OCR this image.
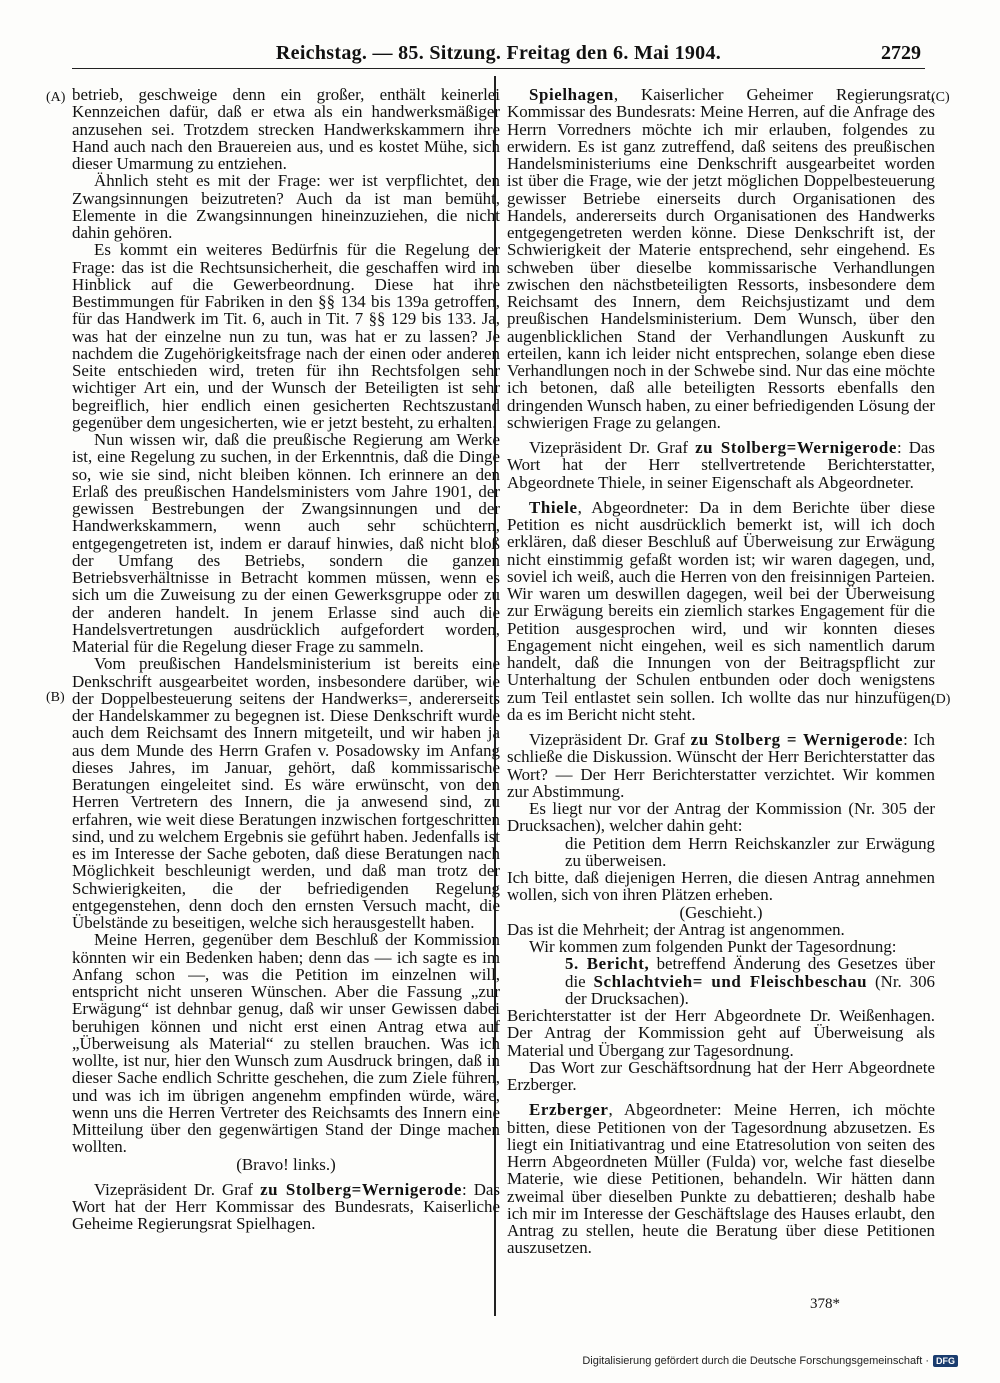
Reichstag. — 85. Sitzung. Freitag den 6. Mai 1904.	2729
(A)
(B)
(C)
(D)

betrieb, geschweige denn ein großer, enthält keinerlei Kennzeichen dafür, daß er etwa als ein handwerksmäßiger anzusehen sei. Trotzdem strecken Handwerkskammern ihre Hand auch nach den Brauereien aus, und es kostet Mühe, sich dieser Umarmung zu entziehen.

Ähnlich steht es mit der Frage: wer ist verpflichtet, den Zwangsinnungen beizutreten? Auch da ist man bemüht, Elemente in die Zwangsinnungen hineinzuziehen, die nicht dahin gehören.

Es kommt ein weiteres Bedürfnis für die Regelung der Frage: das ist die Rechtsunsicherheit, die geschaffen wird im Hinblick auf die Gewerbeordnung. Diese hat ihre Bestimmungen für Fabriken in den §§ 134 bis 139a getroffen, für das Handwerk im Tit. 6, auch in Tit. 7 §§ 129 bis 133. Ja, was hat der einzelne nun zu tun, was hat er zu lassen? Je nachdem die Zugehörigkeitsfrage nach der einen oder anderen Seite entschieden wird, treten für ihn Rechtsfolgen sehr wichtiger Art ein, und der Wunsch der Beteiligten ist sehr begreiflich, hier endlich einen gesicherten Rechtszustand gegenüber dem ungesicherten, wie er jetzt besteht, zu erhalten.

Nun wissen wir, daß die preußische Regierung am Werke ist, eine Regelung zu suchen, in der Erkenntnis, daß die Dinge so, wie sie sind, nicht bleiben können. Ich erinnere an den Erlaß des preußischen Handelsministers vom Jahre 1901, der gewissen Bestrebungen der Zwangsinnungen und der Handwerkskammern, wenn auch sehr schüchtern, entgegengetreten ist, indem er darauf hinwies, daß nicht bloß der Umfang des Betriebs, sondern die ganzen Betriebsverhältnisse in Betracht kommen müssen, wenn es sich um die Zuweisung zu der einen Gewerksgruppe oder zu der anderen handelt. In jenem Erlasse sind auch die Handelsvertretungen ausdrücklich aufgefordert worden, Material für die Regelung dieser Frage zu sammeln.

Vom preußischen Handelsministerium ist bereits eine Denkschrift ausgearbeitet worden, insbesondere darüber, wie der Doppelbesteuerung seitens der Handwerks=, andererseits der Handelskammer zu begegnen ist. Diese Denkschrift wurde auch dem Reichsamt des Innern mitgeteilt, und wir haben ja aus dem Munde des Herrn Grafen v. Posadowsky im Anfang dieses Jahres, im Januar, gehört, daß kommissarische Beratungen eingeleitet sind. Es wäre erwünscht, von den Herren Vertretern des Innern, die ja anwesend sind, zu erfahren, wie weit diese Beratungen inzwischen fortgeschritten sind, und zu welchem Ergebnis sie geführt haben. Jedenfalls ist es im Interesse der Sache geboten, daß diese Beratungen nach Möglichkeit beschleunigt werden, und daß man trotz der Schwierigkeiten, die der befriedigenden Regelung entgegenstehen, denn doch den ernsten Versuch macht, die Übelstände zu beseitigen, welche sich herausgestellt haben.

Meine Herren, gegenüber dem Beschluß der Kommission könnten wir ein Bedenken haben; denn das — ich sagte es im Anfang schon —, was die Petition im einzelnen will, entspricht nicht unseren Wünschen. Aber die Fassung „zur Erwägung“ ist dehnbar genug, daß wir unser Gewissen dabei beruhigen können und nicht erst einen Antrag etwa auf „Überweisung als Material“ zu stellen brauchen. Was ich wollte, ist nur, hier den Wunsch zum Ausdruck bringen, daß in dieser Sache endlich Schritte geschehen, die zum Ziele führen, und was ich im übrigen angenehm empfinden würde, wäre, wenn uns die Herren Vertreter des Reichsamts des Innern eine Mitteilung über den gegenwärtigen Stand der Dinge machen wollten.

(Bravo! links.)

Vizepräsident Dr. Graf zu Stolberg=Wernigerode: Das Wort hat der Herr Kommissar des Bundesrats, Kaiserliche Geheime Regierungsrat Spielhagen.

Spielhagen, Kaiserlicher Geheimer Regierungsrat, Kommissar des Bundesrats: Meine Herren, auf die Anfrage des Herrn Vorredners möchte ich mir erlauben, folgendes zu erwidern. Es ist ganz zutreffend, daß seitens des preußischen Handelsministeriums eine Denkschrift ausgearbeitet worden ist über die Frage, wie der jetzt möglichen Doppelbesteuerung gewisser Betriebe einerseits durch Organisationen des Handels, andererseits durch Organisationen des Handwerks entgegengetreten werden könne. Diese Denkschrift ist, der Schwierigkeit der Materie entsprechend, sehr eingehend. Es schweben über dieselbe kommissarische Verhandlungen zwischen den nächstbeteiligten Ressorts, insbesondere dem Reichsamt des Innern, dem Reichsjustizamt und dem preußischen Handelsministerium. Dem Wunsch, über den augenblicklichen Stand der Verhandlungen Auskunft zu erteilen, kann ich leider nicht entsprechen, solange eben diese Verhandlungen noch in der Schwebe sind. Nur das eine möchte ich betonen, daß alle beteiligten Ressorts ebenfalls den dringenden Wunsch haben, zu einer befriedigenden Lösung der schwierigen Frage zu gelangen.

Vizepräsident Dr. Graf zu Stolberg=Wernigerode: Das Wort hat der Herr stellvertretende Berichterstatter, Abgeordnete Thiele, in seiner Eigenschaft als Abgeordneter.

Thiele, Abgeordneter: Da in dem Berichte über diese Petition es nicht ausdrücklich bemerkt ist, will ich doch erklären, daß dieser Beschluß auf Überweisung zur Erwägung nicht einstimmig gefaßt worden ist; wir waren dagegen, und, soviel ich weiß, auch die Herren von den freisinnigen Parteien. Wir waren um deswillen dagegen, weil bei der Überweisung zur Erwägung bereits ein ziemlich starkes Engagement für die Petition ausgesprochen wird, und wir konnten dieses Engagement nicht eingehen, weil es sich namentlich darum handelt, daß die Innungen von der Beitragspflicht zur Unterhaltung der Schulen entbunden oder doch wenigstens zum Teil entlastet sein sollen. Ich wollte das nur hinzufügen, da es im Bericht nicht steht.

Vizepräsident Dr. Graf zu Stolberg = Wernigerode: Ich schließe die Diskussion. Wünscht der Herr Berichterstatter das Wort? — Der Herr Berichterstatter verzichtet. Wir kommen zur Abstimmung.

Es liegt nur vor der Antrag der Kommission (Nr. 305 der Drucksachen), welcher dahin geht:

die Petition dem Herrn Reichskanzler zur Erwägung zu überweisen.

Ich bitte, daß diejenigen Herren, die diesen Antrag annehmen wollen, sich von ihren Plätzen erheben.

(Geschieht.)

Das ist die Mehrheit; der Antrag ist angenommen.

Wir kommen zum folgenden Punkt der Tagesordnung:

5. Bericht, betreffend Änderung des Gesetzes über die Schlachtvieh= und Fleischbeschau (Nr. 306 der Drucksachen).

Berichterstatter ist der Herr Abgeordnete Dr. Weißenhagen. Der Antrag der Kommission geht auf Überweisung als Material und Übergang zur Tagesordnung.

Das Wort zur Geschäftsordnung hat der Herr Abgeordnete Erzberger.

Erzberger, Abgeordneter: Meine Herren, ich möchte bitten, diese Petitionen von der Tagesordnung abzusetzen. Es liegt ein Initiativantrag und eine Etatresolution von seiten des Herrn Abgeordneten Müller (Fulda) vor, welche fast dieselbe Materie, wie diese Petitionen, behandeln. Wir hätten dann zweimal über dieselben Punkte zu debattieren; deshalb habe ich mir im Interesse der Geschäftslage des Hauses erlaubt, den Antrag zu stellen, heute die Beratung über diese Petitionen auszusetzen.

378*
Digitalisierung gefördert durch die Deutsche Forschungsgemeinschaft · DFG
